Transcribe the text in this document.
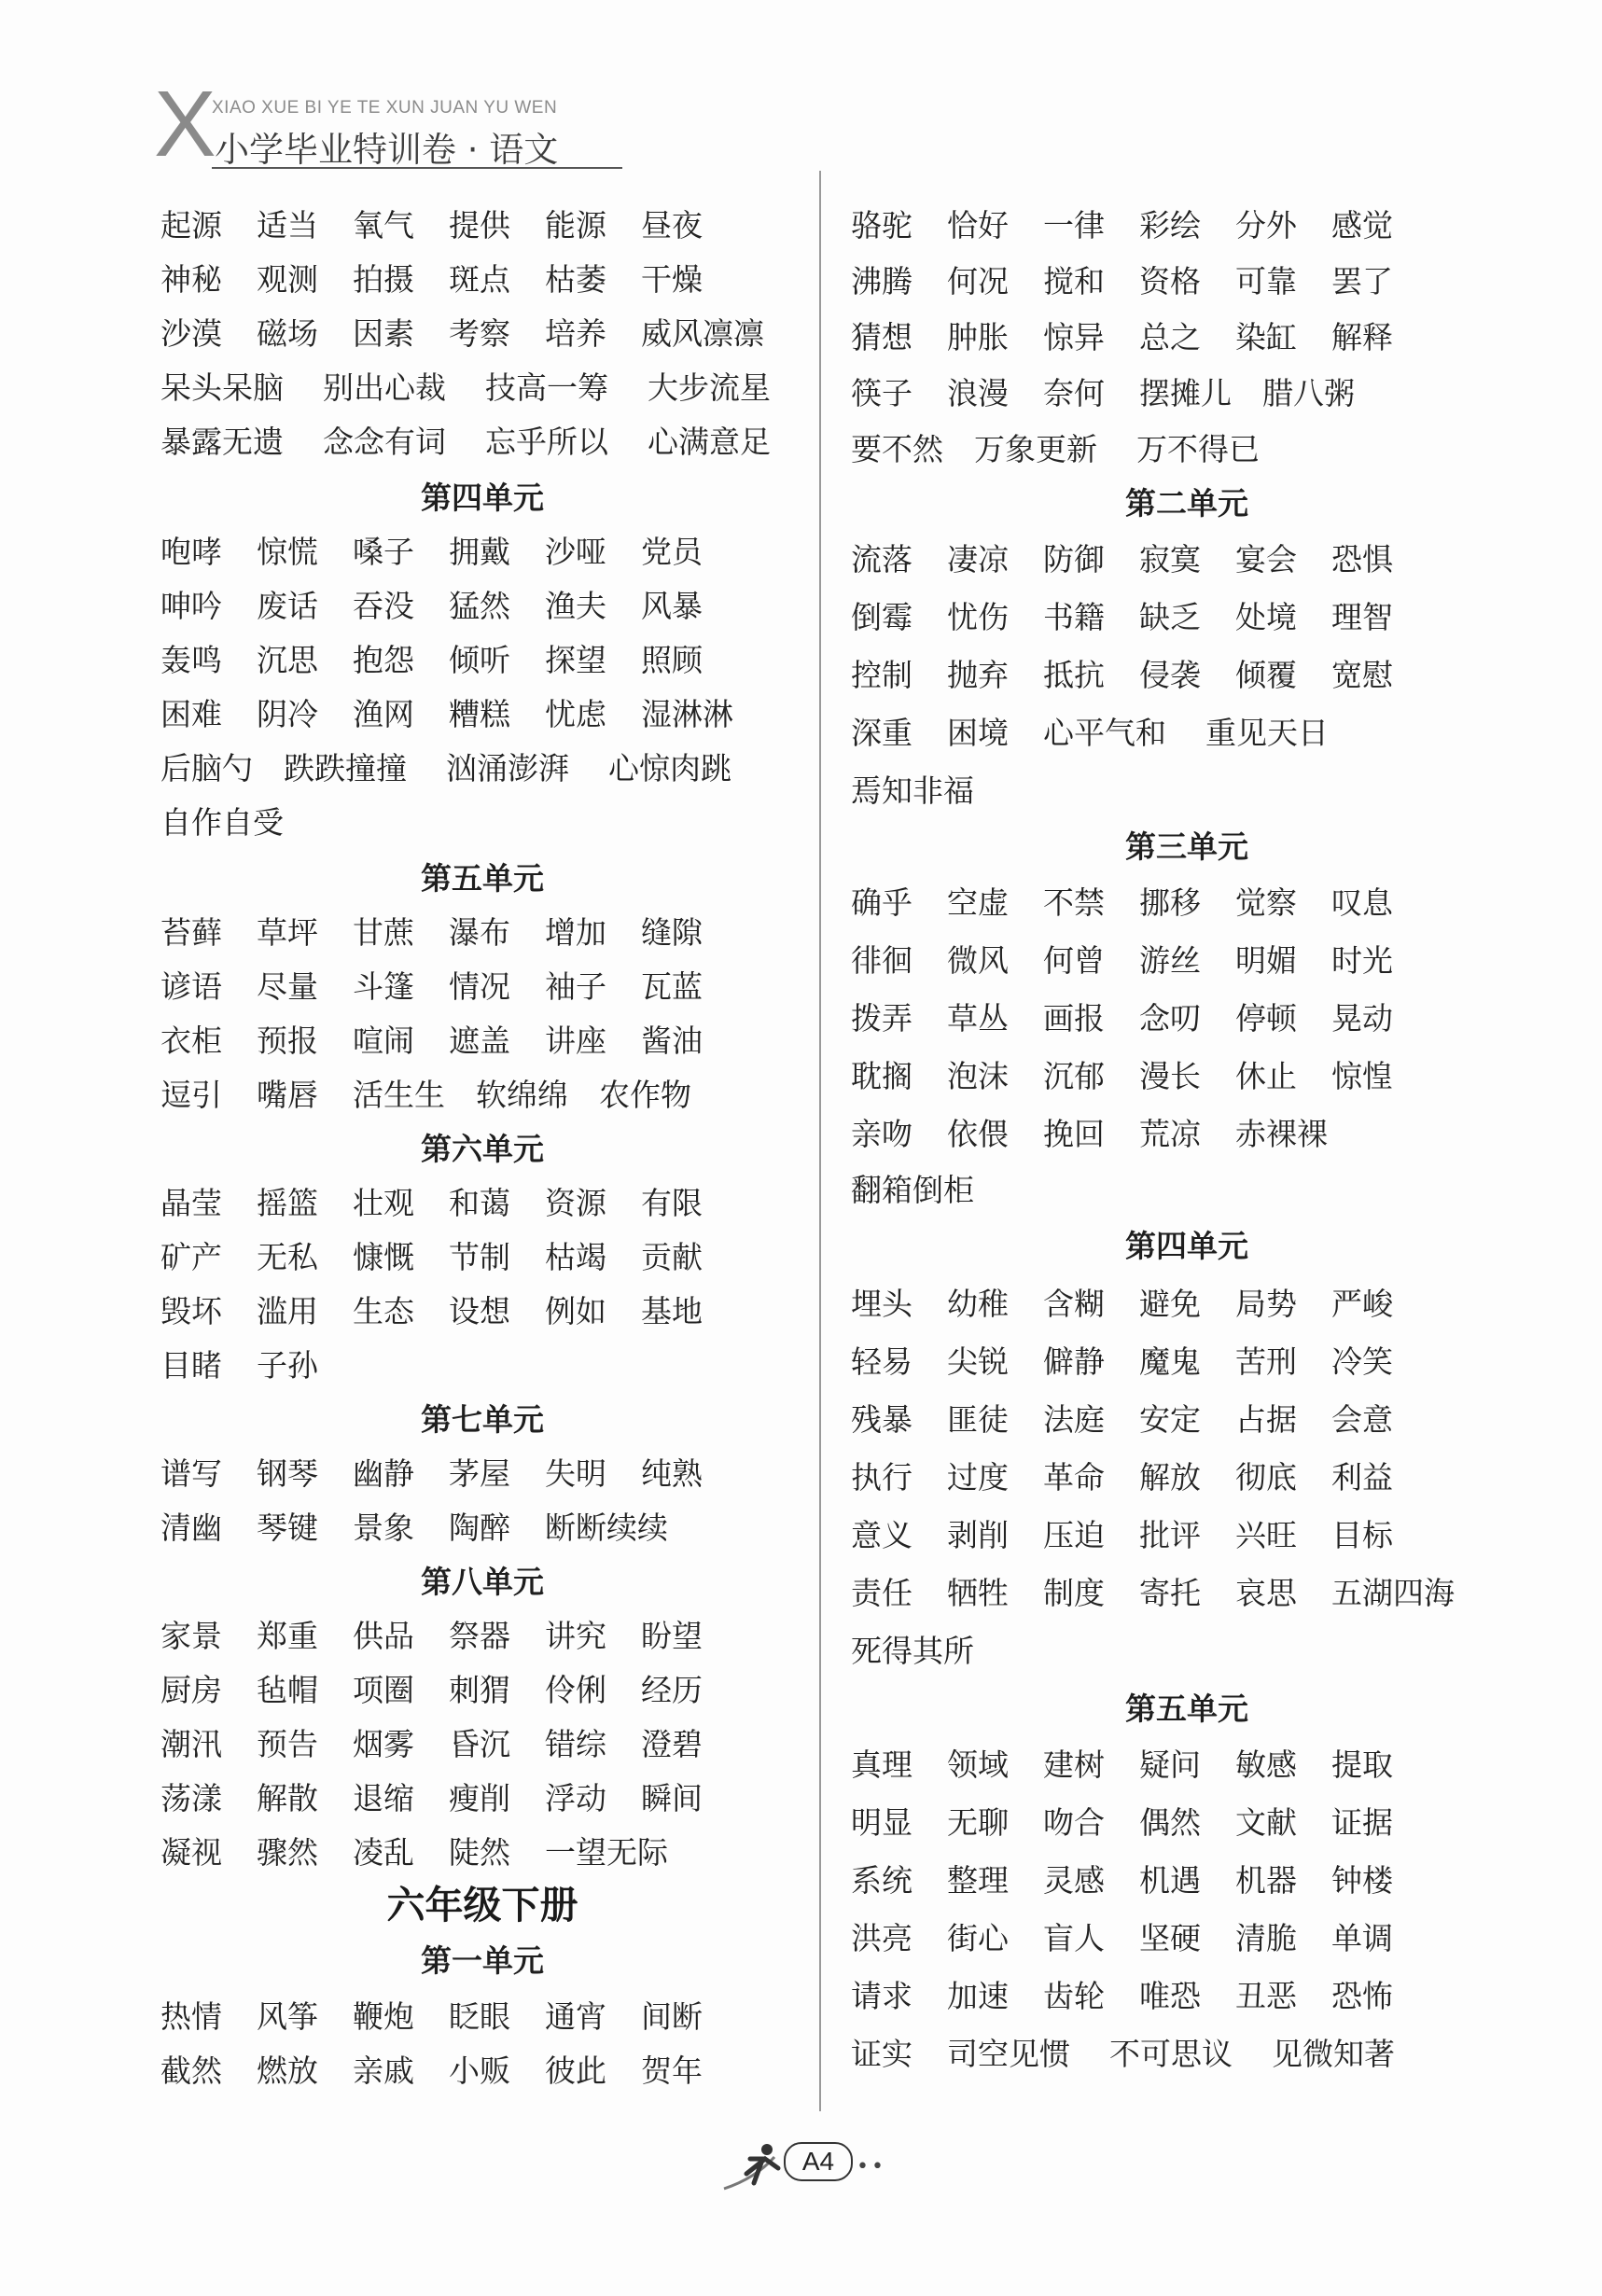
X
XIAO XUE BI YE TE XUN JUAN YU WEN
小学毕业特训卷 · 语文
起源 适当 氧气 提供 能源 昼夜
神秘 观测 拍摄 斑点 枯萎 干燥
沙漠 磁场 因素 考察 培养 威风凛凛
呆头呆脑 别出心裁 技高一筹 大步流星
暴露无遗 念念有词 忘乎所以 心满意足
第四单元
咆哮 惊慌 嗓子 拥戴 沙哑 党员
呻吟 废话 吞没 猛然 渔夫 风暴
轰鸣 沉思 抱怨 倾听 探望 照顾
困难 阴冷 渔网 糟糕 忧虑 湿淋淋
后脑勺 跌跌撞撞 汹涌澎湃 心惊肉跳
自作自受
第五单元
苔藓 草坪 甘蔗 瀑布 增加 缝隙
谚语 尽量 斗篷 情况 袖子 瓦蓝
衣柜 预报 喧闹 遮盖 讲座 酱油
逗引 嘴唇 活生生 软绵绵 农作物
第六单元
晶莹 摇篮 壮观 和蔼 资源 有限
矿产 无私 慷慨 节制 枯竭 贡献
毁坏 滥用 生态 设想 例如 基地
目睹 子孙
第七单元
谱写 钢琴 幽静 茅屋 失明 纯熟
清幽 琴键 景象 陶醉 断断续续
第八单元
家景 郑重 供品 祭器 讲究 盼望
厨房 毡帽 项圈 刺猬 伶俐 经历
潮汛 预告 烟雾 昏沉 错综 澄碧
荡漾 解散 退缩 瘦削 浮动 瞬间
凝视 骤然 凌乱 陡然 一望无际
六年级下册
第一单元
热情 风筝 鞭炮 眨眼 通宵 间断
截然 燃放 亲戚 小贩 彼此 贺年
骆驼 恰好 一律 彩绘 分外 感觉
沸腾 何况 搅和 资格 可靠 罢了
猜想 肿胀 惊异 总之 染缸 解释
筷子 浪漫 奈何 摆摊儿 腊八粥
要不然 万象更新 万不得已
第二单元
流落 凄凉 防御 寂寞 宴会 恐惧
倒霉 忧伤 书籍 缺乏 处境 理智
控制 抛弃 抵抗 侵袭 倾覆 宽慰
深重 困境 心平气和 重见天日
焉知非福
第三单元
确乎 空虚 不禁 挪移 觉察 叹息
徘徊 微风 何曾 游丝 明媚 时光
拨弄 草丛 画报 念叨 停顿 晃动
耽搁 泡沫 沉郁 漫长 休止 惊惶
亲吻 依偎 挽回 荒凉 赤裸裸
翻箱倒柜
第四单元
埋头 幼稚 含糊 避免 局势 严峻
轻易 尖锐 僻静 魔鬼 苦刑 冷笑
残暴 匪徒 法庭 安定 占据 会意
执行 过度 革命 解放 彻底 利益
意义 剥削 压迫 批评 兴旺 目标
责任 牺牲 制度 寄托 哀思 五湖四海
死得其所
第五单元
真理 领域 建树 疑问 敏感 提取
明显 无聊 吻合 偶然 文献 证据
系统 整理 灵感 机遇 机器 钟楼
洪亮 街心 盲人 坚硬 清脆 单调
请求 加速 齿轮 唯恐 丑恶 恐怖
证实 司空见惯 不可思议 见微知著
A4	••
